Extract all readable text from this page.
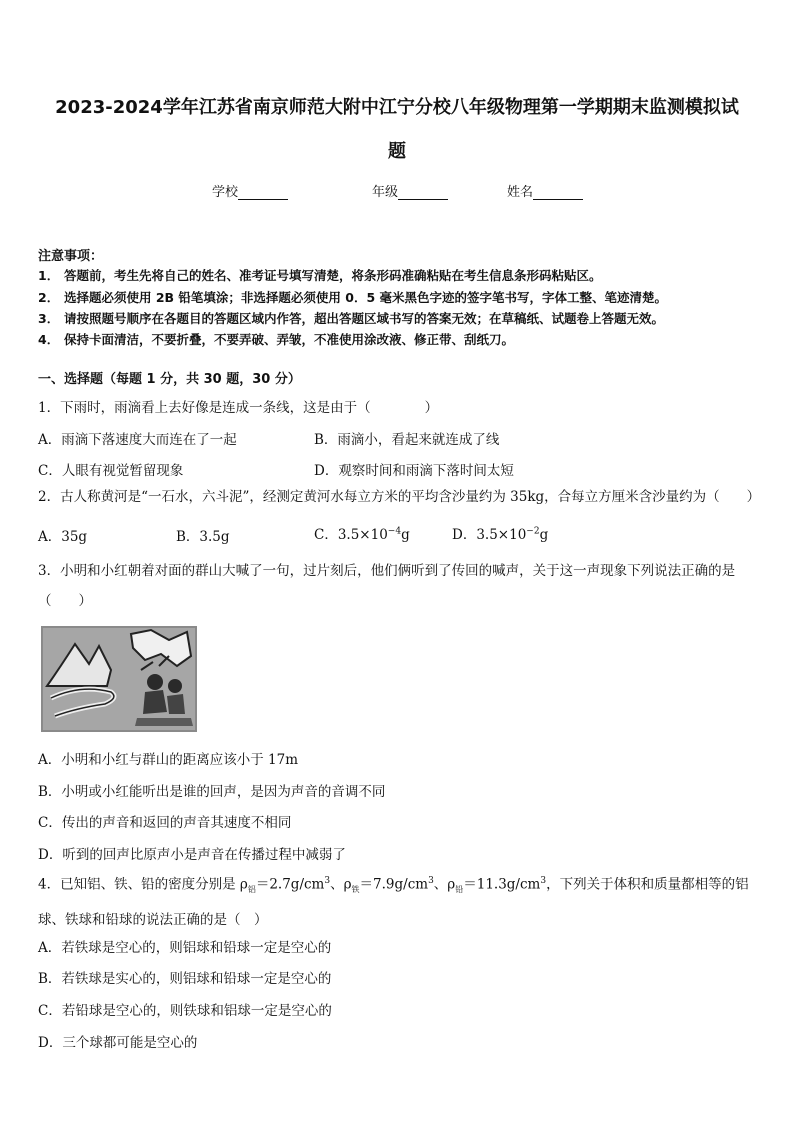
2023-2024学年江苏省南京师范大附中江宁分校八年级物理第一学期期末监测模拟试
题
学校	年级	姓名
注意事项：
1． 答题前，考生先将自己的姓名、准考证号填写清楚，将条形码准确粘贴在考生信息条形码粘贴区。
2． 选择题必须使用 2B 铅笔填涂；非选择题必须使用 0．5 毫米黑色字迹的签字笔书写，字体工整、笔迹清楚。
3． 请按照题号顺序在各题目的答题区域内作答，超出答题区域书写的答案无效；在草稿纸、试题卷上答题无效。
4． 保持卡面清洁，不要折叠，不要弄破、弄皱，不准使用涂改液、修正带、刮纸刀。
一、选择题（每题 1 分，共 30 题，30 分）
1．下雨时，雨滴看上去好像是连成一条线，这是由于（　　　　）
A．雨滴下落速度大而连在了一起	B．雨滴小，看起来就连成了线
C．人眼有视觉暂留现象	D．观察时间和雨滴下落时间太短
2．古人称黄河是“一石水，六斗泥”，经测定黄河水每立方米的平均含沙量约为 35kg，合每立方厘米含沙量约为（　　）
A．35g	B．3.5g	C．$3.5\times 10^{-4}g$	D．$3.5\times 10^{-2}g$
3．小明和小红朝着对面的群山大喊了一句，过片刻后，他们俩听到了传回的喊声，关于这一声现象下列说法正确的是（　　）
A．小明和小红与群山的距离应该小于 17m
B．小明或小红能听出是谁的回声，是因为声音的音调不同
C．传出的声音和返回的声音其速度不相同
D．听到的回声比原声小是声音在传播过程中减弱了
4．已知铝、铁、铅的密度分别是 $\rho_铝=2.7g/cm^3$、$\rho_铁=7.9g/cm^3$、$\rho_铅=11.3g/cm^3$，下列关于体积和质量都相等的铝球、铁球和铅球的说法正确的是（　）
A．若铁球是空心的，则铝球和铅球一定是空心的
B．若铁球是实心的，则铝球和铅球一定是空心的
C．若铅球是空心的，则铁球和铝球一定是空心的
D．三个球都可能是空心的
